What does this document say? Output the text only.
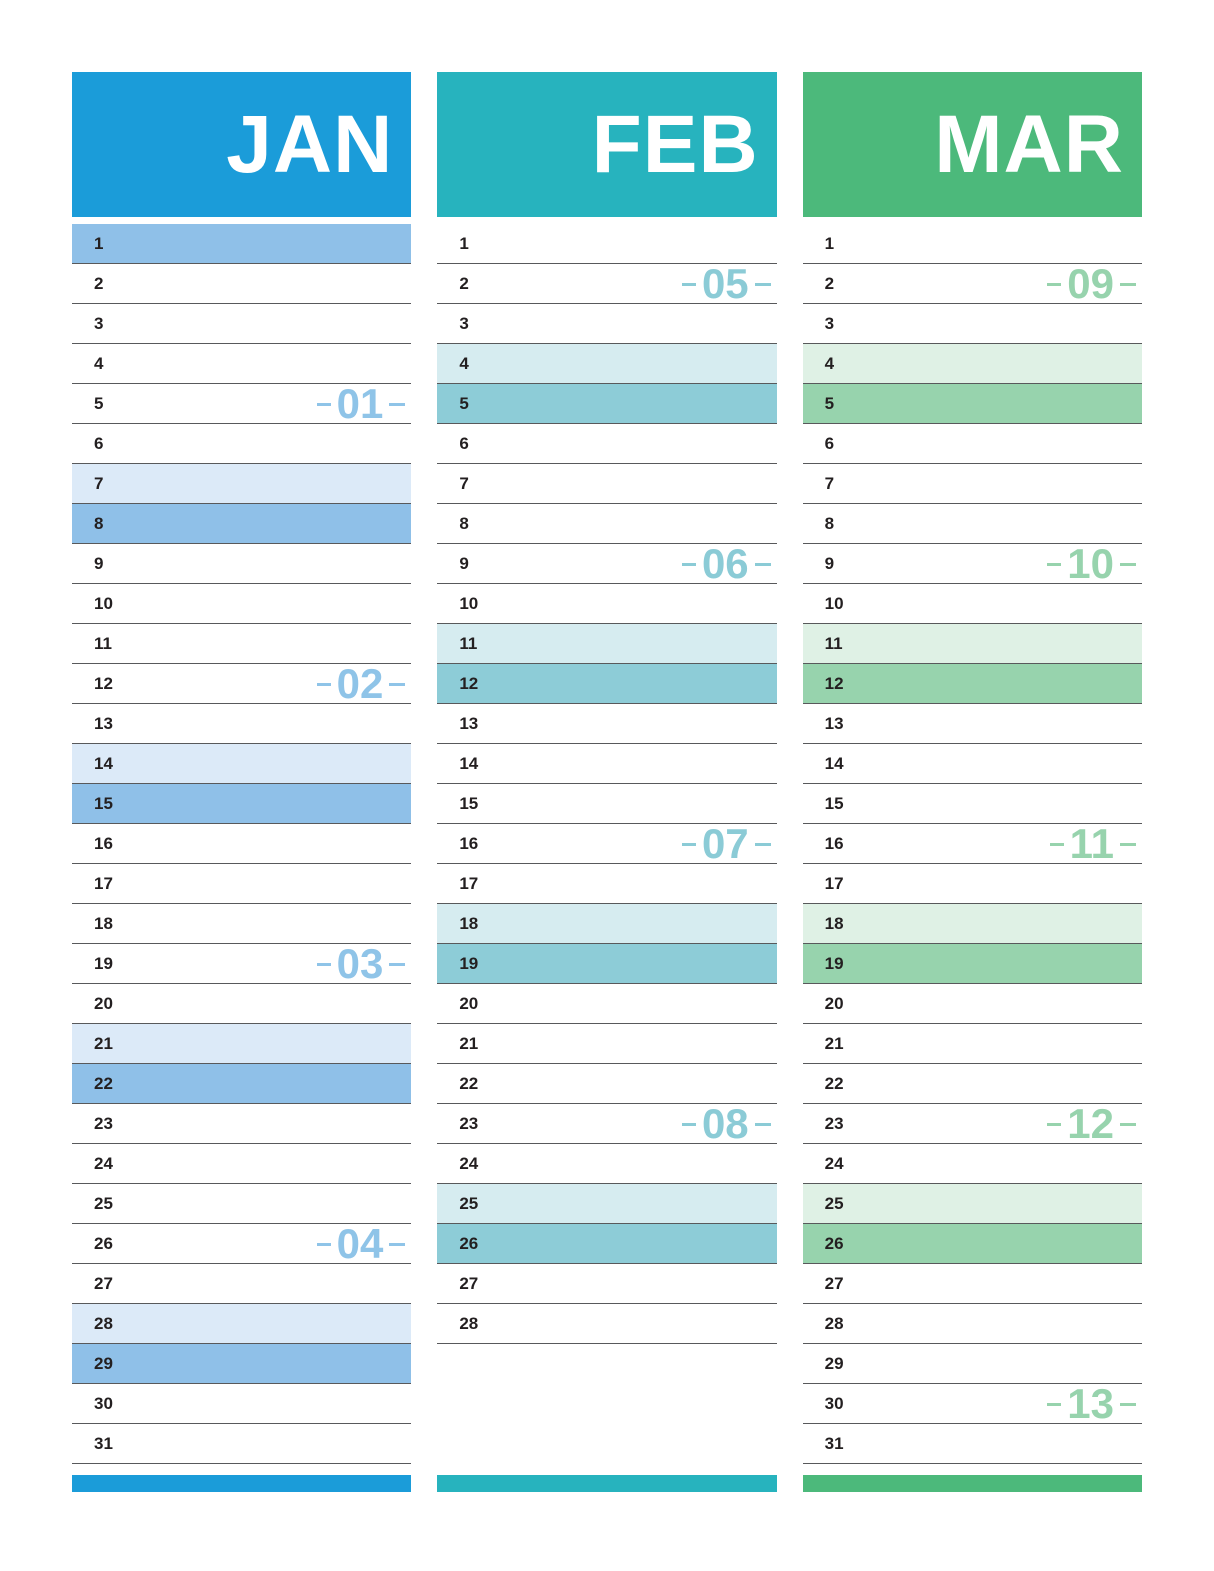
JAN
1
2
3
4
5
6
7
8
9
10
11
12
13
14
15
16
17
18
19
20
21
22
23
24
25
26
27
28
29
30
31
01
02
03
04
FEB
1
2
3
4
5
6
7
8
9
10
11
12
13
14
15
16
17
18
19
20
21
22
23
24
25
26
27
28
05
06
07
08
MAR
1
2
3
4
5
6
7
8
9
10
11
12
13
14
15
16
17
18
19
20
21
22
23
24
25
26
27
28
29
30
31
09
10
11
12
13
